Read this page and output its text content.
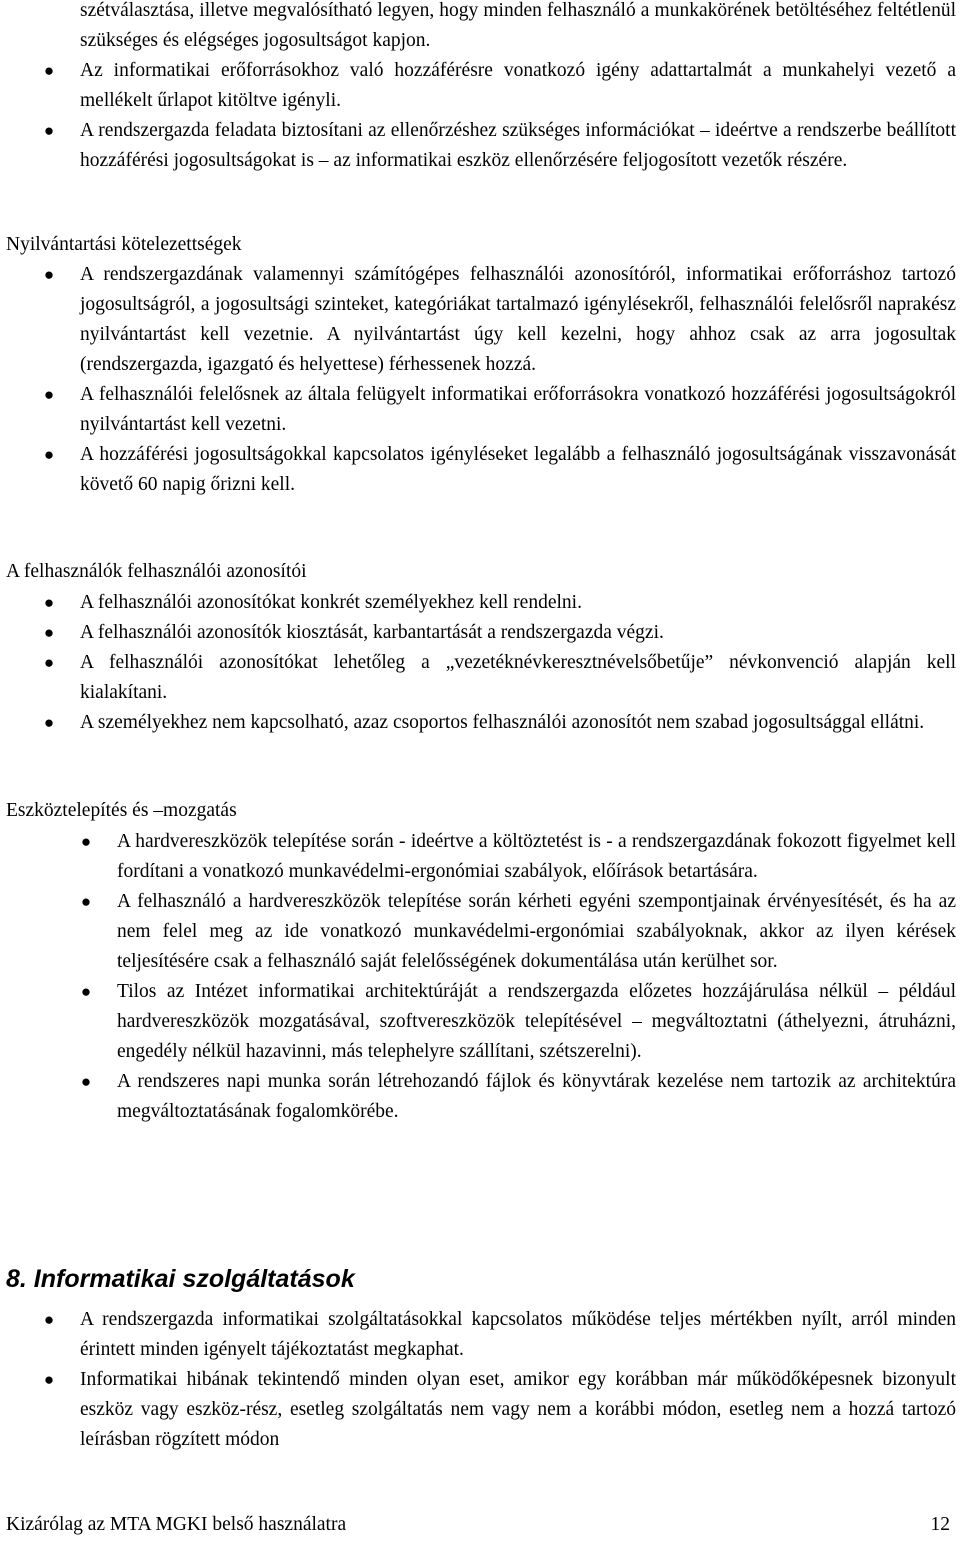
szétválasztása, illetve megvalósítható legyen, hogy minden felhasználó a munkakörének betöltéséhez feltétlenül szükséges és elégséges jogosultságot kapjon.

● Az informatikai erőforrásokhoz való hozzáférésre vonatkozó igény adattartalmát a munkahelyi vezető a mellékelt űrlapot kitöltve igényli.
● A rendszergazda feladata biztosítani az ellenőrzéshez szükséges információkat – ideértve a rendszerbe beállított hozzáférési jogosultságokat is – az informatikai eszköz ellenőrzésére feljogosított vezetők részére.
Nyilvántartási kötelezettségek
● A rendszergazdának valamennyi számítógépes felhasználói azonosítóról, informatikai erőforráshoz tartozó jogosultságról, a jogosultsági szinteket, kategóriákat tartalmazó igénylésekről, felhasználói felelősről naprakész nyilvántartást kell vezetnie. A nyilvántartást úgy kell kezelni, hogy ahhoz csak az arra jogosultak (rendszergazda, igazgató és helyettese) férhessenek hozzá.
● A felhasználói felelősnek az általa felügyelt informatikai erőforrásokra vonatkozó hozzáférési jogosultságokról nyilvántartást kell vezetni.
● A hozzáférési jogosultságokkal kapcsolatos igényléseket legalább a felhasználó jogosultságának visszavonását követő 60 napig őrizni kell.
A felhasználók felhasználói azonosítói
● A felhasználói azonosítókat konkrét személyekhez kell rendelni.
● A felhasználói azonosítók kiosztását, karbantartását a rendszergazda végzi.
● A felhasználói azonosítókat lehetőleg a „vezetéknévkeresztnévelsőbetűje” névkonvenció alapján kell kialakítani.
● A személyekhez nem kapcsolható, azaz csoportos felhasználói azonosítót nem szabad jogosultsággal ellátni.
Eszköztelepítés és –mozgatás
● A hardvereszközök telepítése során - ideértve a költöztetést is - a rendszergazdának fokozott figyelmet kell fordítani a vonatkozó munkavédelmi-ergonómiai szabályok, előírások betartására.
● A felhasználó a hardvereszközök telepítése során kérheti egyéni szempontjainak érvényesítését, és ha az nem felel meg az ide vonatkozó munkavédelmi-ergonómiai szabályoknak, akkor az ilyen kérések teljesítésére csak a felhasználó saját felelősségének dokumentálása után kerülhet sor.
● Tilos az Intézet informatikai architektúráját a rendszergazda előzetes hozzájárulása nélkül – például hardvereszközök mozgatásával, szoftvereszközök telepítésével – megváltoztatni (áthelyezni, átruházni, engedély nélkül hazavinni, más telephelyre szállítani, szétszerelni).
● A rendszeres napi munka során létrehozandó fájlok és könyvtárak kezelése nem tartozik az architektúra megváltoztatásának fogalomkörébe.
8. Informatikai szolgáltatások
● A rendszergazda informatikai szolgáltatásokkal kapcsolatos működése teljes mértékben nyílt, arról minden érintett minden igényelt tájékoztatást megkaphat.
● Informatikai hibának tekintendő minden olyan eset, amikor egy korábban már működőképesnek bizonyult eszköz vagy eszköz-rész, esetleg szolgáltatás nem vagy nem a korábbi módon, esetleg nem a hozzá tartozó leírásban rögzített módon
Kizárólag az MTA MGKI belső használatra	12
